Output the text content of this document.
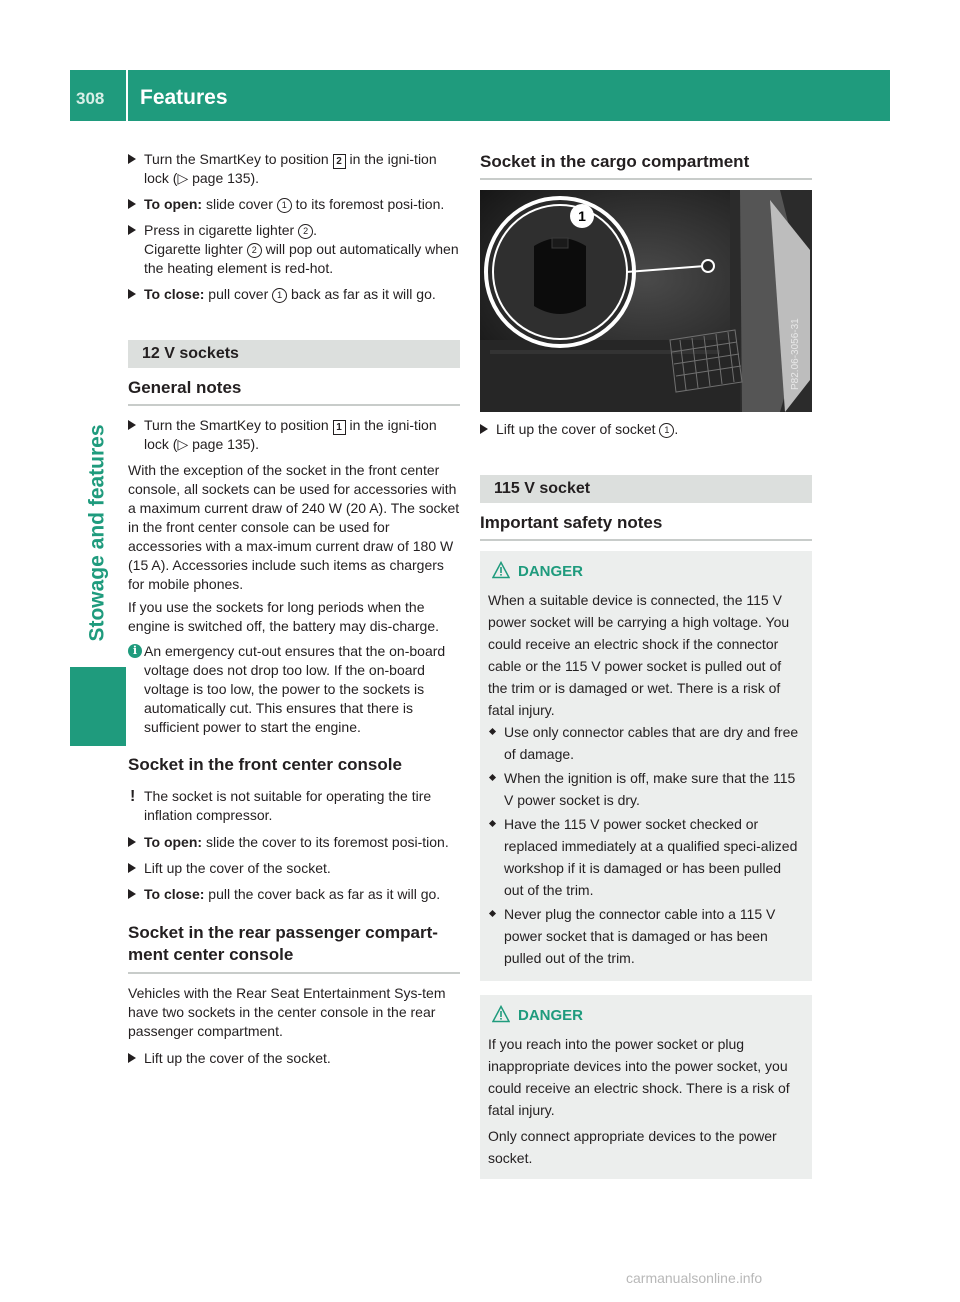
308	Features
Stowage and features

Turn the SmartKey to position 2 in the igni-tion lock (▷ page 135).

To open: slide cover 1 to its foremost posi-tion.

Press in cigarette lighter 2 .
Cigarette lighter 2 will pop out automatically when the heating element is red-hot.

To close: pull cover 1 back as far as it will go.

12 V sockets
General notes

Turn the SmartKey to position 1 in the igni-tion lock (▷ page 135).

With the exception of the socket in the front center console, all sockets can be used for accessories with a maximum current draw of 240 W (20 A). The socket in the front center console can be used for accessories with a max-imum current draw of 180 W (15 A). Accessories include such items as chargers for mobile phones.

If you use the sockets for long periods when the engine is switched off, the battery may dis-charge.

i An emergency cut-out ensures that the on-board voltage does not drop too low. If the on-board voltage is too low, the power to the sockets is automatically cut. This ensures that there is sufficient power to start the engine.

Socket in the front center console

! The socket is not suitable for operating the tire inflation compressor.

To open: slide the cover to its foremost posi-tion.

Lift up the cover of the socket.

To close: pull the cover back as far as it will go.

Socket in the rear passenger compart-ment center console

Vehicles with the Rear Seat Entertainment Sys-tem have two sockets in the center console in the rear passenger compartment.

Lift up the cover of the socket.

Socket in the cargo compartment
1
P82.06-3056-31

Lift up the cover of socket 1 .

115 V socket
Important safety notes

DANGER

When a suitable device is connected, the 115 V power socket will be carrying a high voltage. You could receive an electric shock if the connector cable or the 115 V power socket is pulled out of the trim or is damaged or wet. There is a risk of fatal injury.

Use only connector cables that are dry and free of damage.

When the ignition is off, make sure that the 115 V power socket is dry.

Have the 115 V power socket checked or replaced immediately at a qualified speci-alized workshop if it is damaged or has been pulled out of the trim.

Never plug the connector cable into a 115 V power socket that is damaged or has been pulled out of the trim.

DANGER

If you reach into the power socket or plug inappropriate devices into the power socket, you could receive an electric shock. There is a risk of fatal injury.

Only connect appropriate devices to the power socket.

carmanualsonline.info
